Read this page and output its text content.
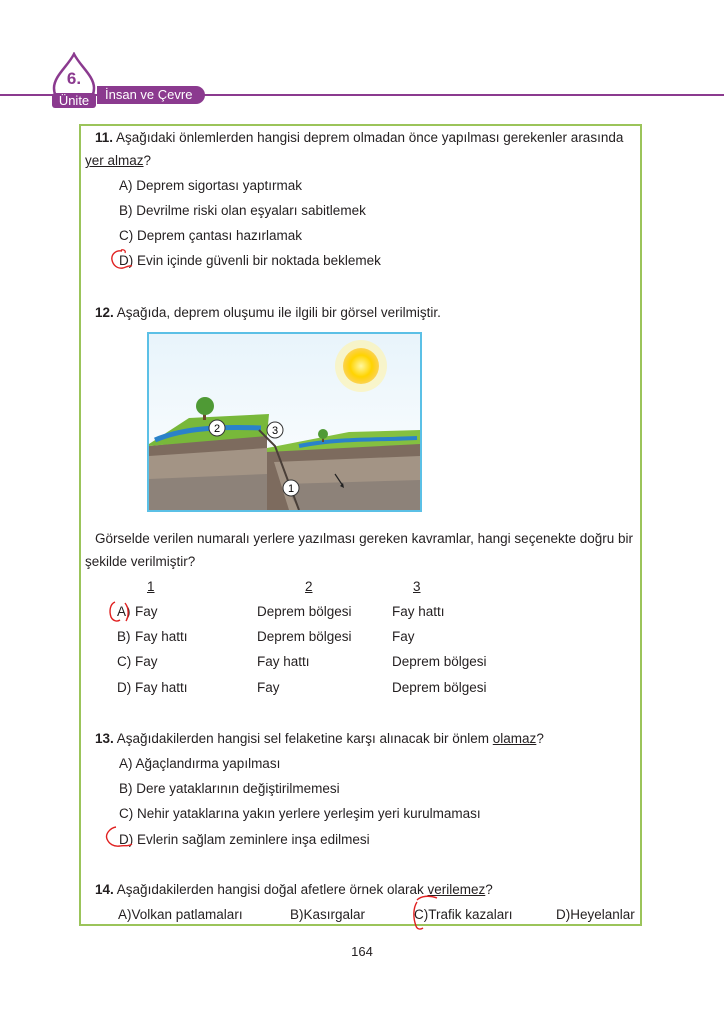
6.
Ünite	İnsan ve Çevre
11. Aşağıdaki önlemlerden hangisi deprem olmadan önce yapılması gerekenler arasında
yer almaz?
A) Deprem sigortası yaptırmak
B) Devrilme riski olan eşyaları sabitlemek
C) Deprem çantası hazırlamak
D) Evin içinde güvenli bir noktada beklemek
12. Aşağıda, deprem oluşumu ile ilgili bir görsel verilmiştir.
2	3
1
Görselde verilen numaralı yerlere yazılması gereken kavramlar, hangi seçenekte doğru bir
şekilde verilmiştir?
1	2	3
A) Fay	Deprem bölgesi	Fay hattı
B) Fay hattı	Deprem bölgesi	Fay
C) Fay	Fay hattı	Deprem bölgesi
D) Fay hattı	Fay	Deprem bölgesi
13. Aşağıdakilerden hangisi sel felaketine karşı alınacak bir önlem olamaz?
A) Ağaçlandırma yapılması
B) Dere yataklarının değiştirilmemesi
C) Nehir yataklarına yakın yerlere yerleşim yeri kurulmaması
D) Evlerin sağlam zeminlere inşa edilmesi
14. Aşağıdakilerden hangisi doğal afetlere örnek olarak verilemez?
A)Volkan patlamaları	B)Kasırgalar	C)Trafik kazaları	D)Heyelanlar
164
